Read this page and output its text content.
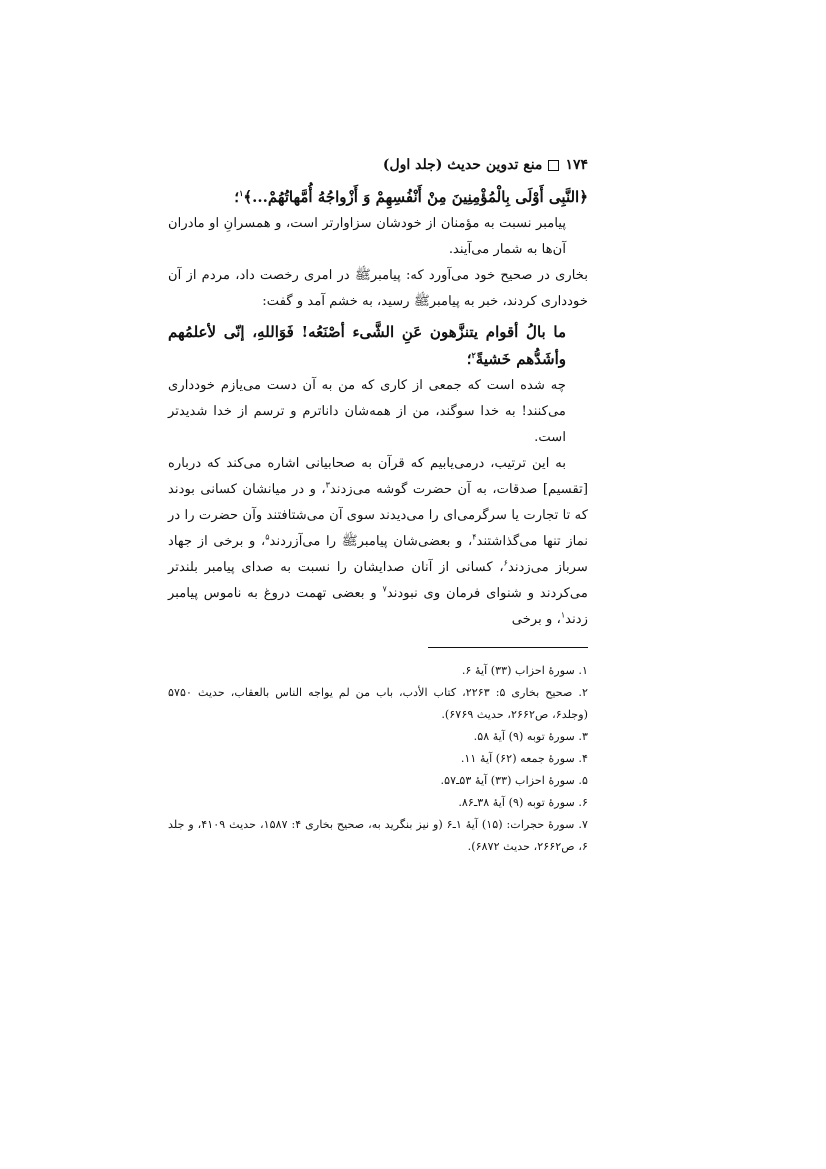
۱۷۴
منع تدوین حدیث (جلد اول)

﴿النَّبِی أَوْلَى بِالْمُؤْمِنِينَ مِنْ أَنْفُسِهِمْ وَ أَزْواجُهُ أُمَّهاتُهُمْ...﴾$^۱$؛

پیامبر نسبت به مؤمنان از خودشان سزاوارتر است، و همسرانِ او مادران آن‌ها به شمار می‌آیند.

بخاری در صحیح خود می‌آورد که: پیامبرﷺ در امری رخصت داد، مردم از آن خودداری کردند، خبر به پیامبرﷺ رسید، به خشم آمد و گفت:

ما بالُ أقوام يتنزَّهون عَنِ الشَّیء أصْنَعُه! فَوَاللهِ، إنّی لأعلمُهم وأشَدُّهم خَشيةً$^۲$؛

چه شده است که جمعی از کاری که من به آن دست می‌یازم خودداری می‌کنند! به خدا سوگند، من از همه‌شان داناترم و ترسم از خدا شدیدتر است.

به این ترتیب، درمی‌یابیم که قرآن به صحابیانی اشاره می‌کند که درباره [تقسیم] صدقات، به آن حضرت گوشه می‌زدند$^۳$، و در میانشان کسانی بودند که تا تجارت یا سرگرمی‌ای را می‌دیدند سوی آن می‌شتافتند وآن حضرت را در نماز تنها می‌گذاشتند$^۴$، و بعضی‌شان پیامبرﷺ را می‌آزردند$^۵$، و برخی از جهاد سرباز می‌زدند$^۶$، کسانی از آنان صدایشان را نسبت به صدای پیامبر بلندتر می‌کردند و شنوای فرمان وی نبودند$^۷$ و بعضی تهمت دروغ به ناموس پیامبر زدند$^۱$، و برخی

۱. سورهٔ احزاب (۳۳) آیهٔ ۶.

۲. صحیح بخاری ۵: ۲۲۶۳، کتاب الأدب، باب من لم یواجه الناس بالعقاب، حدیث ۵۷۵۰ (وجلد۶، ص۲۶۶۲، حدیث ۶۷۶۹).

۳. سورهٔ توبه (۹) آیهٔ ۵۸.

۴. سورهٔ جمعه (۶۲) آیهٔ ۱۱.

۵. سورهٔ احزاب (۳۳) آیهٔ ۵۳ـ۵۷.

۶. سورهٔ توبه (۹) آیهٔ ۳۸ـ۸۶.

۷. سورهٔ حجرات: (۱۵) آیهٔ ۱ـ۶ (و نیز بنگرید به، صحیح بخاری ۴: ۱۵۸۷، حدیث ۴۱۰۹، و جلد ۶، ص۲۶۶۲، حدیث ۶۸۷۲).
